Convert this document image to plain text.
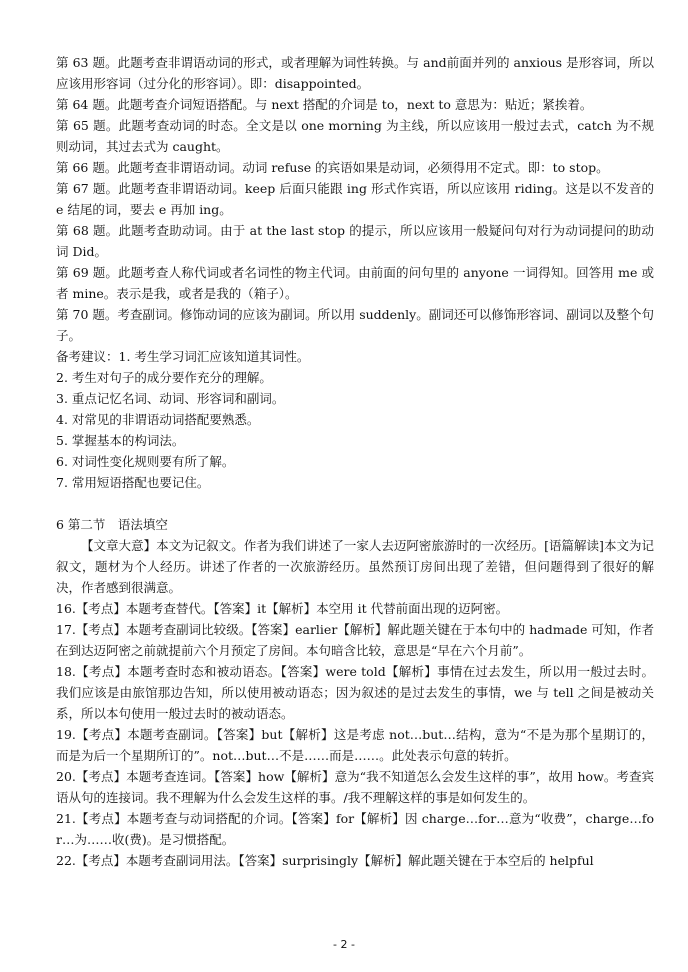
第 63 题。此题考查非谓语动词的形式，或者理解为词性转换。与 and前面并列的 anxious 是形容词，所以应该用形容词（过分化的形容词）。即：disappointed。

第 64 题。此题考查介词短语搭配。与 next 搭配的介词是 to，next to 意思为：贴近；紧挨着。

第 65 题。此题考查动词的时态。全文是以 one morning 为主线，所以应该用一般过去式，catch 为不规则动词，其过去式为 caught。

第 66 题。此题考查非谓语动词。动词 refuse 的宾语如果是动词，必须得用不定式。即：to stop。

第 67 题。此题考查非谓语动词。keep 后面只能跟 ing 形式作宾语，所以应该用 riding。这是以不发音的 e 结尾的词，要去 e 再加 ing。

第 68 题。此题考查助动词。由于 at the last stop 的提示，所以应该用一般疑问句对行为动词提问的助动词 Did。

第 69 题。此题考查人称代词或者名词性的物主代词。由前面的问句里的 anyone 一词得知。回答用 me 或者 mine。表示是我，或者是我的（箱子）。

第 70 题。考查副词。修饰动词的应该为副词。所以用 suddenly。副词还可以修饰形容词、副词以及整个句子。

备考建议：1. 考生学习词汇应该知道其词性。

2. 考生对句子的成分要作充分的理解。

3. 重点记忆名词、动词、形容词和副词。

4. 对常见的非谓语动词搭配要熟悉。

5. 掌握基本的构词法。

6. 对词性变化规则要有所了解。

7. 常用短语搭配也要记住。

6 第二节　语法填空

【文章大意】本文为记叙文。作者为我们讲述了一家人去迈阿密旅游时的一次经历。[语篇解读]本文为记叙文，题材为个人经历。讲述了作者的一次旅游经历。虽然预订房间出现了差错，但问题得到了很好的解决，作者感到很满意。

16.【考点】本题考查替代。【答案】it【解析】本空用 it 代替前面出现的迈阿密。

17.【考点】本题考查副词比较级。【答案】earlier【解析】解此题关键在于本句中的 hadmade 可知，作者在到达迈阿密之前就提前六个月预定了房间。本句暗含比较，意思是“早在六个月前”。

18.【考点】本题考查时态和被动语态。【答案】were told【解析】事情在过去发生，所以用一般过去时。我们应该是由旅馆那边告知，所以使用被动语态；因为叙述的是过去发生的事情，we 与 tell 之间是被动关系，所以本句使用一般过去时的被动语态。

19.【考点】本题考查副词。【答案】but【解析】这是考虑 not…but…结构，意为“不是为那个星期订的，而是为后一个星期所订的”。not…but…不是……而是……。此处表示句意的转折。

20.【考点】本题考查连词。【答案】how【解析】意为“我不知道怎么会发生这样的事”，故用 how。考查宾语从句的连接词。我不理解为什么会发生这样的事。/我不理解这样的事是如何发生的。

21.【考点】本题考查与动词搭配的介词。【答案】for【解析】因 charge…for…意为“收费”，charge…for…为……收(费)。是习惯搭配。

22.【考点】本题考查副词用法。【答案】surprisingly【解析】解此题关键在于本空后的 helpful

- 2 -
